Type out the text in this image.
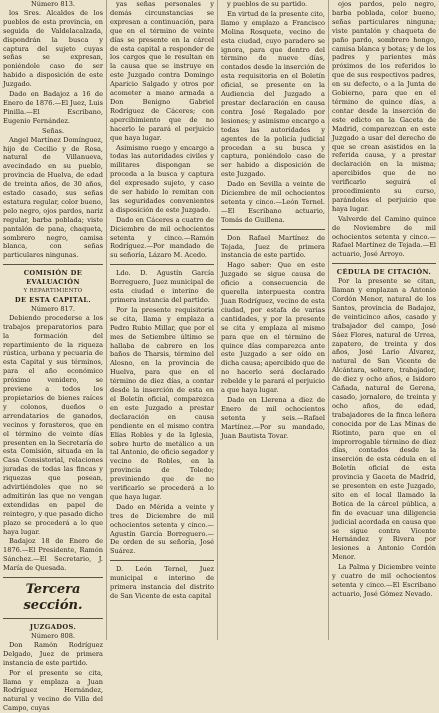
Número 813.

los Sres. Alcaldes de los pueblos de esta provincia, en seguida de Valdelacalzada, dispondrán la busca y captura del sujeto cuyas señas se expresan, poniéndole caso de ser habido a disposición de este Juzgado.

Dado en Badajoz a 16 de Enero de 1876.—El Juez, Luis Pinilla.—El Escribano, Eugenio Fernández.

Señas.

Angel Martínez Domínguez, hijo de Cecilio y de Rosa, natural de Villanueva, avecindado en su pueblo, provincia de Huelva, de edad de treinta años, de 30 años, estado casado, sus señas estatura regular, color bueno, pelo negro, ojos pardos, nariz regular, barba poblada; viste pantalón de pana, chaqueta, sombrero negro, camisa blanca, con señas particulares ningunas.

COMISIÓN DE EVALUACIÓN

Y REPARTIMIENTO

DE ESTA CAPITAL.

Número 817.

Debiendo procederse a los trabajos preparatorios para la formación del repartimiento de la riqueza rústica, urbana y pecuaria de esta Capital y sus términos, para el año económico próximo venidero, se previene a todos los propietarios de bienes raíces y colonos, dueños o arrendatarios de ganados, vecinos y forasteros, que en el término de veinte días presenten en la Secretaría de esta Comisión, situada en la Casa Consistorial, relaciones juradas de todas las fincas y riquezas que posean, advirtiéndoles que no se admitirán las que no vengan extendidas en papel de reintegro, y que pasado dicho plazo se procederá a lo que haya lugar.

Badajoz 18 de Enero de 1876.—El Presidente, Ramón Sánchez.—El Secretario, J. María de Quesada.

Tercera sección.

JUZGADOS.

Número 808.

Don Ramón Rodríguez Delgado, Juez de primera instancia de este partido.

Por el presente se cita, llama y emplaza a Juan Rodríguez Hernández, natural y vecino de Villa del Campo, cuyas

yas señas personales y demás circunstancias se expresan a continuación, para que en el término de veinte días se presente en la cárcel de esta capital a responder de los cargos que le resultan en la causa que se instruye en este Juzgado contra Domingo Aparicio Salgado y otros por acometer a mano armada a Don Benigno Gabriel Rodríguez de Cáceres; con apercibimiento que de no hacerlo le parará el perjuicio que haya lugar.

Asimismo ruego y encargo a todas las autoridades civiles y militares dispongan se proceda a la busca y captura del expresado sujeto, y caso de ser habido lo remitan con las seguridades convenientes a disposición de este Juzgado.

Dado en Cáceres a cuatro de Diciembre de mil ochocientos setenta y cinco.—Ramón Rodríguez.—Por mandado de su señoría, Lázaro M. Acedo.

Ldo. D. Agustín García Borreguero, Juez municipal de esta ciudad e interino de primera instancia del partido.

Por la presente requisitoria se cita, llama y emplaza a Pedro Rubio Millar, que por el mes de Setiembre último se hallaba de cabrero en los baños de Tharsis, término del Alosno, en la provincia de Huelva, para que en el término de diez días, a contar desde la inserción de esta en el Boletín oficial, comparezca en este Juzgado a prestar declaración en causa pendiente en el mismo contra Elías Robles y de la Iglesia, sobre hurto de metálico a un tal Antonio, de oficio segador y vecino de Robles, en la provincia de Toledo; previniendo que de no verificarlo se procederá a lo que haya lugar.

Dado en Mérida a veinte y tres de Diciembre de mil ochocientos setenta y cinco.—Agustín García Borreguero.—De orden de su señoría, José Suárez.

D. León Ternel, Juez municipal e interino de primera instancia del distrito de San Vicente de esta capital

y pueblos de su partido.

En virtud de la presente cito, llamo y emplazo a Francisco Molina Rosquete, vecino de esta ciudad, cuyo paradero se ignora, para que dentro del término de nueve días, contados desde la inserción de esta requisitoria en el Boletín oficial, se presente en la Audiencia del Juzgado a prestar declaración en causa contra José Regalado por lesiones; y asimismo encargo a todas las autoridades y agentes de la policía judicial procedan a su busca y captura, poniéndolo caso de ser habido a disposición de este Juzgado.

Dado en Sevilla a veinte de Diciembre de mil ochocientos setenta y cinco.—León Ternel.—El Escribano actuario, Tomás de Guillena.

Don Rafael Martínez de Tejada, Juez de primera instancia de este partido.

Hago saber: Que en este Juzgado se sigue causa de oficio a consecuencia de querella interpuesta contra Juan Rodríguez, vecino de esta ciudad, por estafa de varias cantidades, y por la presente se cita y emplaza al mismo para que en el término de quince días comparezca ante este Juzgado a ser oído en dicha causa; apercibido que de no hacerlo será declarado rebelde y le parará el perjuicio a que haya lugar.

Dado en Llerena a diez de Enero de mil ochocientos setenta y seis.—Rafael Martínez.—Por su mandado, Juan Bautista Tovar.

ojos pardos, pelo negro, barba poblada, color bueno, señas particulares ninguna; viste pantalón y chaqueta de paño pardo, sombrero hongo, camisa blanca y botas; y de los padres y parientes más próximos de los referidos lo que de sus respectivos padres, en su defecto, o a la Junta de Gobierno, para que en el término de quince días, a contar desde la inserción de este edicto en la Gaceta de Madrid, comparezcan en este Juzgado a usar del derecho de que se crean asistidos en la referida causa, y a prestar declaración en la misma; apercibidos que de no verificarlo seguirá el procedimiento su curso, parándoles el perjuicio que haya lugar.

Valverde del Camino quince de Noviembre de mil ochocientos setenta y cinco.—Rafael Martínez de Tejada.—El actuario, José Arroyo.

CÉDULA DE CITACIÓN.

Por la presente se citan, llaman y emplazan a Antonio Cordón Menor, natural de los Santos, provincia de Badajoz, de veinticinco años, casado y trabajador del campo, José Sáez Flores, natural de Urrea, zapatero, de treinta y dos años, José Lario Álvarez, natural de San Vicente de Alcántara, soltero, trabajador, de diez y ocho años, e Isidoro Cañada, natural de Gerena, casado, jornalero, de treinta y ocho años, de edad, trabajadores de la finca leñera conocida por de Las Minas de Riotinto, para que en el improrrogable término de diez días, contados desde la inserción de esta cédula en el Boletín oficial de esta provincia y Gaceta de Madrid, se presenten en este Juzgado, sito en el local llamado la Botica de la cárcel pública, a fin de evacuar una diligencia judicial acordada en causa que se sigue contra Vicente Hernández y Rivera por lesiones a Antonio Cordón Menor.

La Palma y Diciembre veinte y cuatro de mil ochocientos setenta y cinco.—El Escribano actuario, José Gómez Nevado.
